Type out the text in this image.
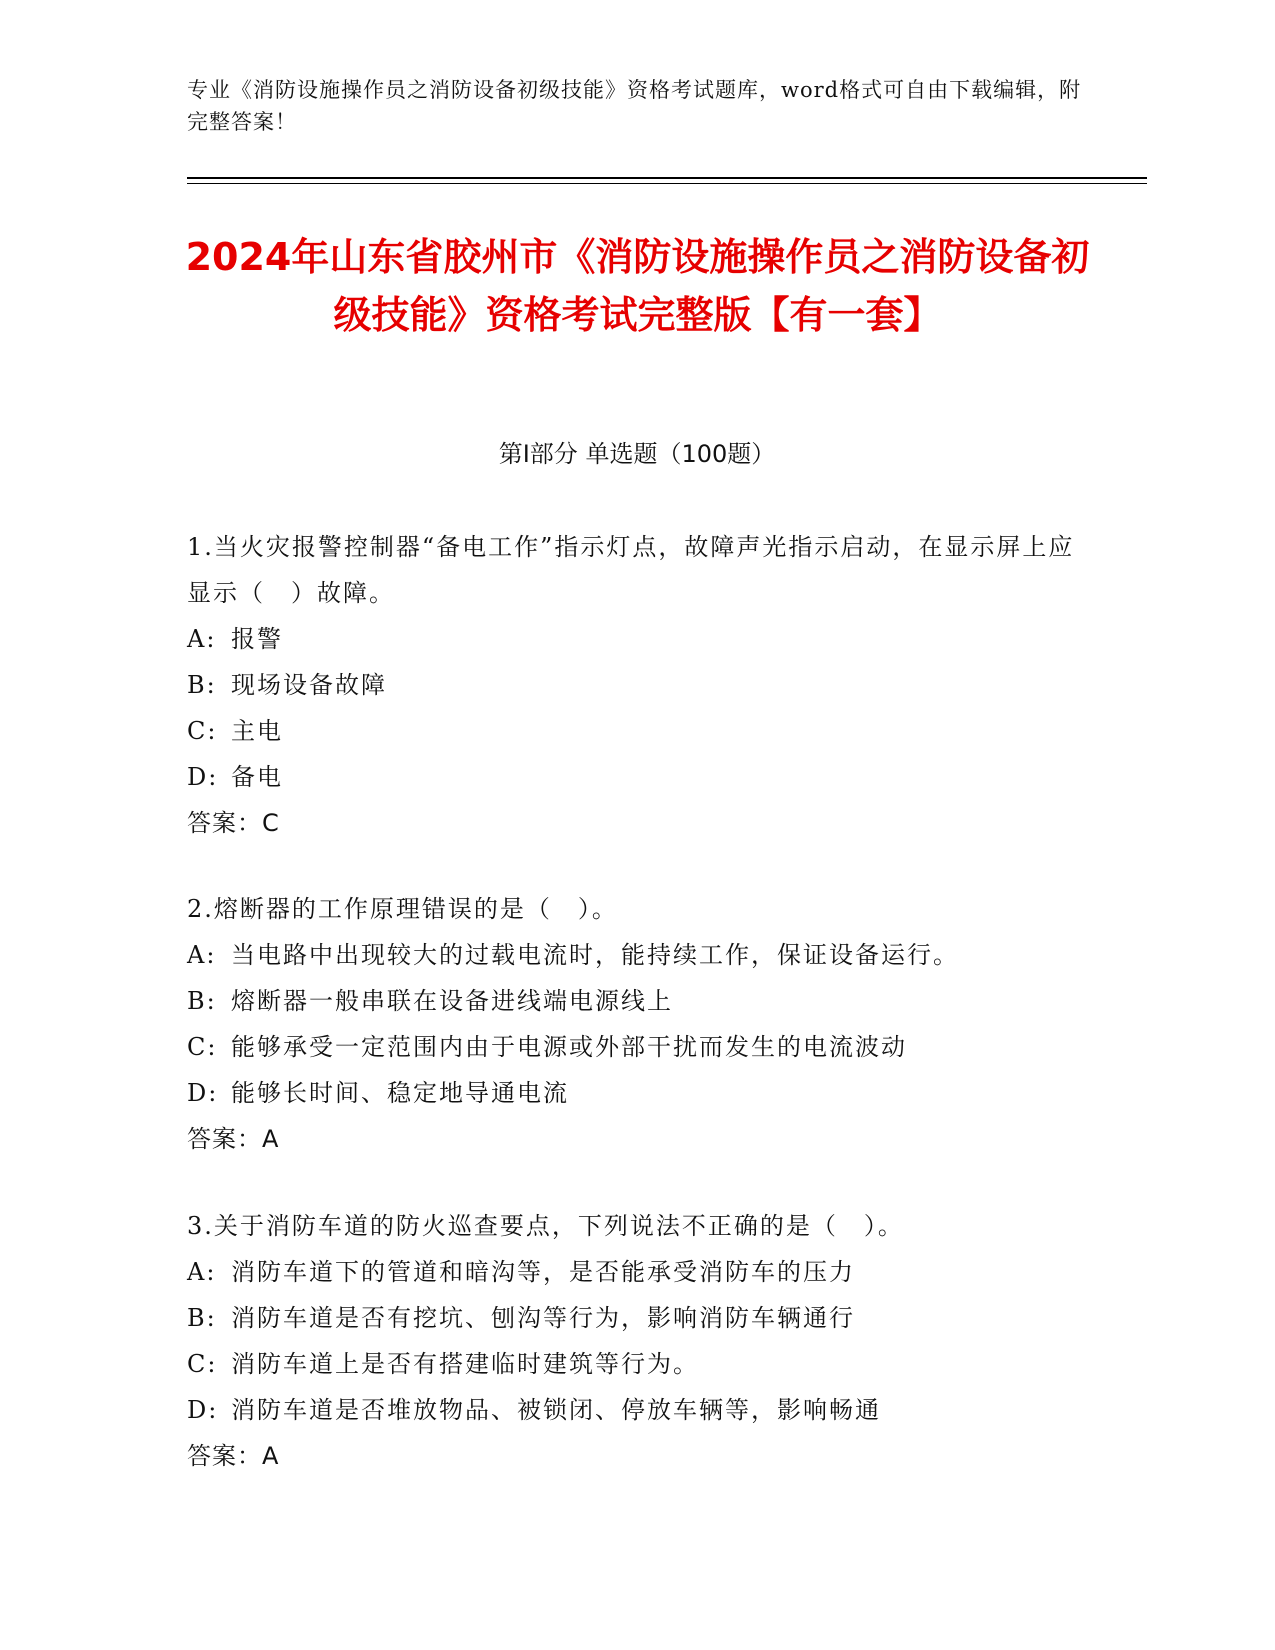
专业《消防设施操作员之消防设备初级技能》资格考试题库，word格式可自由下载编辑，附完整答案！
2024年山东省胶州市《消防设施操作员之消防设备初级技能》资格考试完整版【有一套】
第I部分 单选题（100题）

1.当火灾报警控制器“备电工作”指示灯点，故障声光指示启动，在显示屏上应显示（　）故障。

A: 报警

B: 现场设备故障

C: 主电

D: 备电

答案：C

2.熔断器的工作原理错误的是（　）。

A: 当电路中出现较大的过载电流时，能持续工作，保证设备运行。

B: 熔断器一般串联在设备进线端电源线上

C: 能够承受一定范围内由于电源或外部干扰而发生的电流波动

D: 能够长时间、稳定地导通电流

答案：A

3.关于消防车道的防火巡查要点，下列说法不正确的是（　）。

A: 消防车道下的管道和暗沟等，是否能承受消防车的压力

B: 消防车道是否有挖坑、刨沟等行为，影响消防车辆通行

C: 消防车道上是否有搭建临时建筑等行为。

D: 消防车道是否堆放物品、被锁闭、停放车辆等，影响畅通

答案：A
